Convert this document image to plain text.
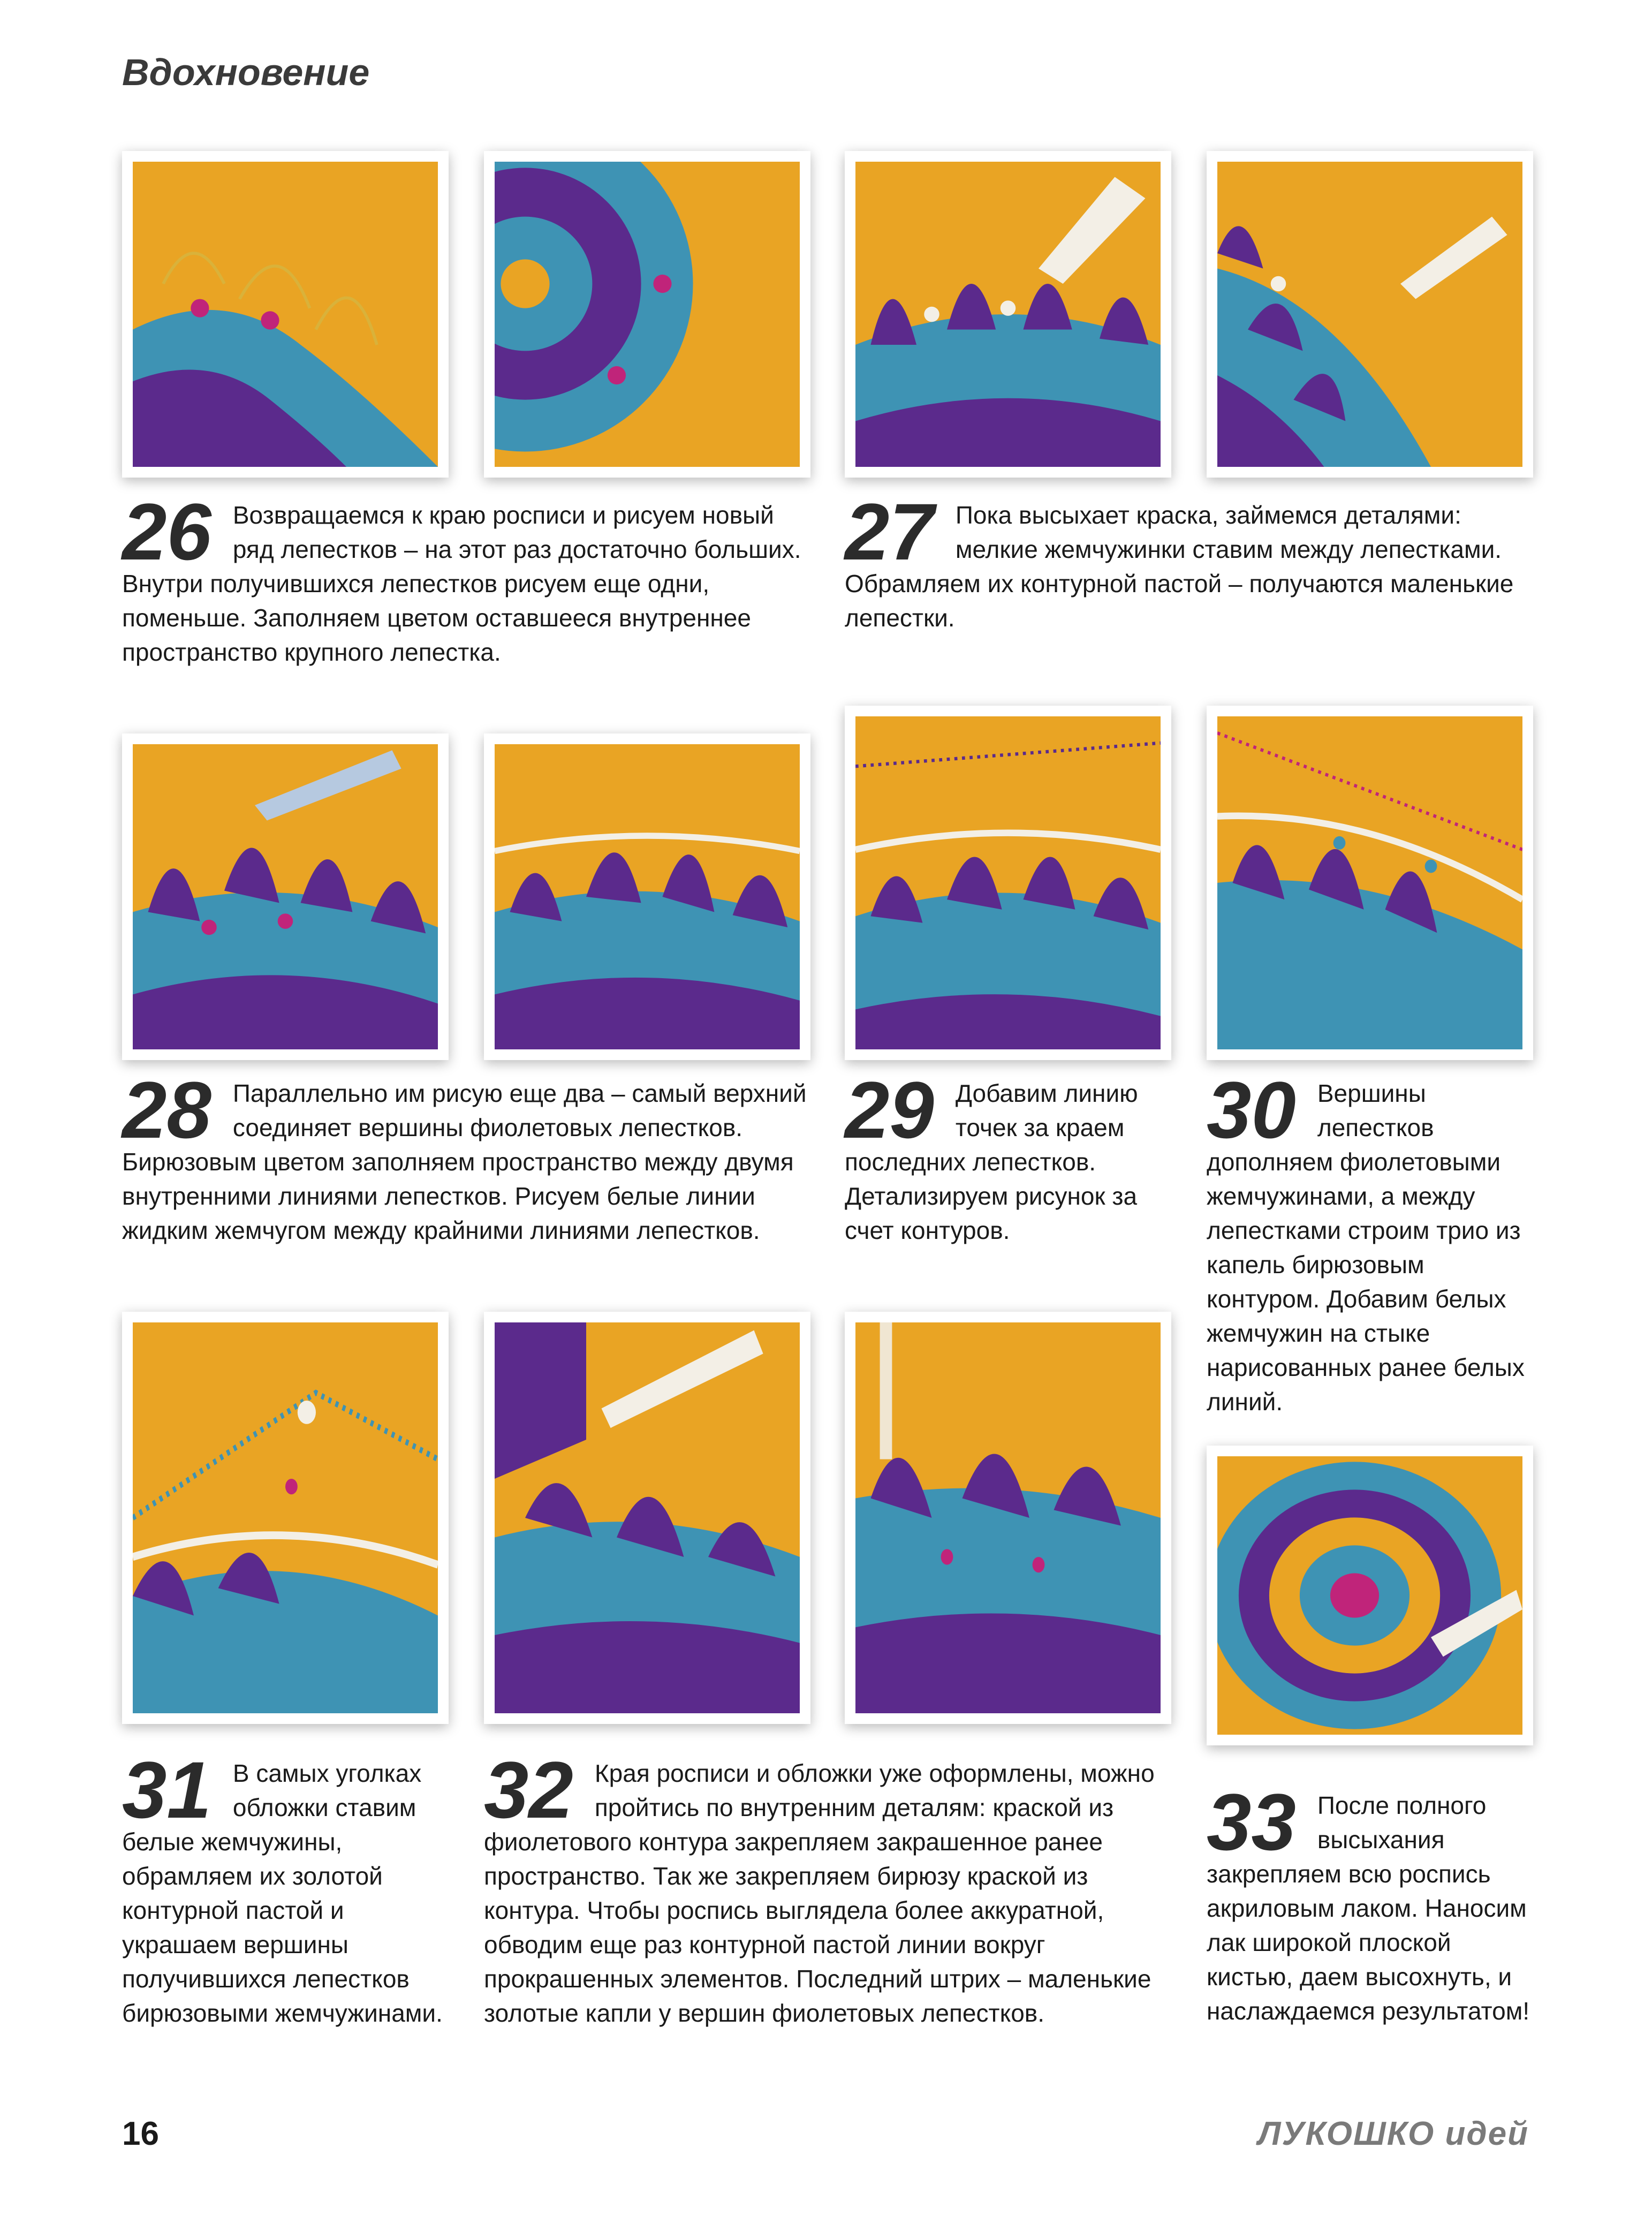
Вдохновение
26 Возвращаемся к краю росписи и рисуем новый ряд лепестков – на этот раз достаточно больших. Внутри получившихся лепестков рисуем еще одни, поменьше. Заполняем цветом оставшееся внутреннее пространство крупного лепестка.
27 Пока высыхает краска, займемся деталями: мелкие жемчужинки ставим между лепестками. Обрамляем их контурной пастой – получаются маленькие лепестки.
28 Параллельно им рисую еще два – самый верхний соединяет вершины фиолетовых лепестков. Бирюзовым цветом заполняем пространство между двумя внутренними линиями лепестков. Рисуем белые линии жидким жемчугом между крайними линиями лепестков.
29 Добавим линию точек за краем последних лепестков. Детализируем рисунок за счет контуров.
30 Вершины лепестков дополняем фиолетовыми жемчужинами, а между лепестками строим трио из капель бирюзовым контуром. Добавим белых жемчужин на стыке нарисованных ранее белых линий.
31 В самых уголках обложки ставим белые жемчужины, обрамляем их золотой контурной пастой и украшаем вершины получившихся лепестков бирюзовыми жемчужинами.
32 Края росписи и обложки уже оформлены, можно пройтись по внутренним деталям: краской из фиолетового контура закрепляем закрашенное ранее пространство. Так же закрепляем бирюзу краской из контура. Чтобы роспись выглядела более аккуратной, обводим еще раз контурной пастой линии вокруг прокрашенных элементов. Последний штрих – маленькие золотые капли у вершин фиолетовых лепестков.
33 После полного высыхания закрепляем всю роспись акриловым лаком. Наносим лак широкой плоской кистью, даем высохнуть, и наслаждаемся результатом!
16	ЛУКОШКО идей
